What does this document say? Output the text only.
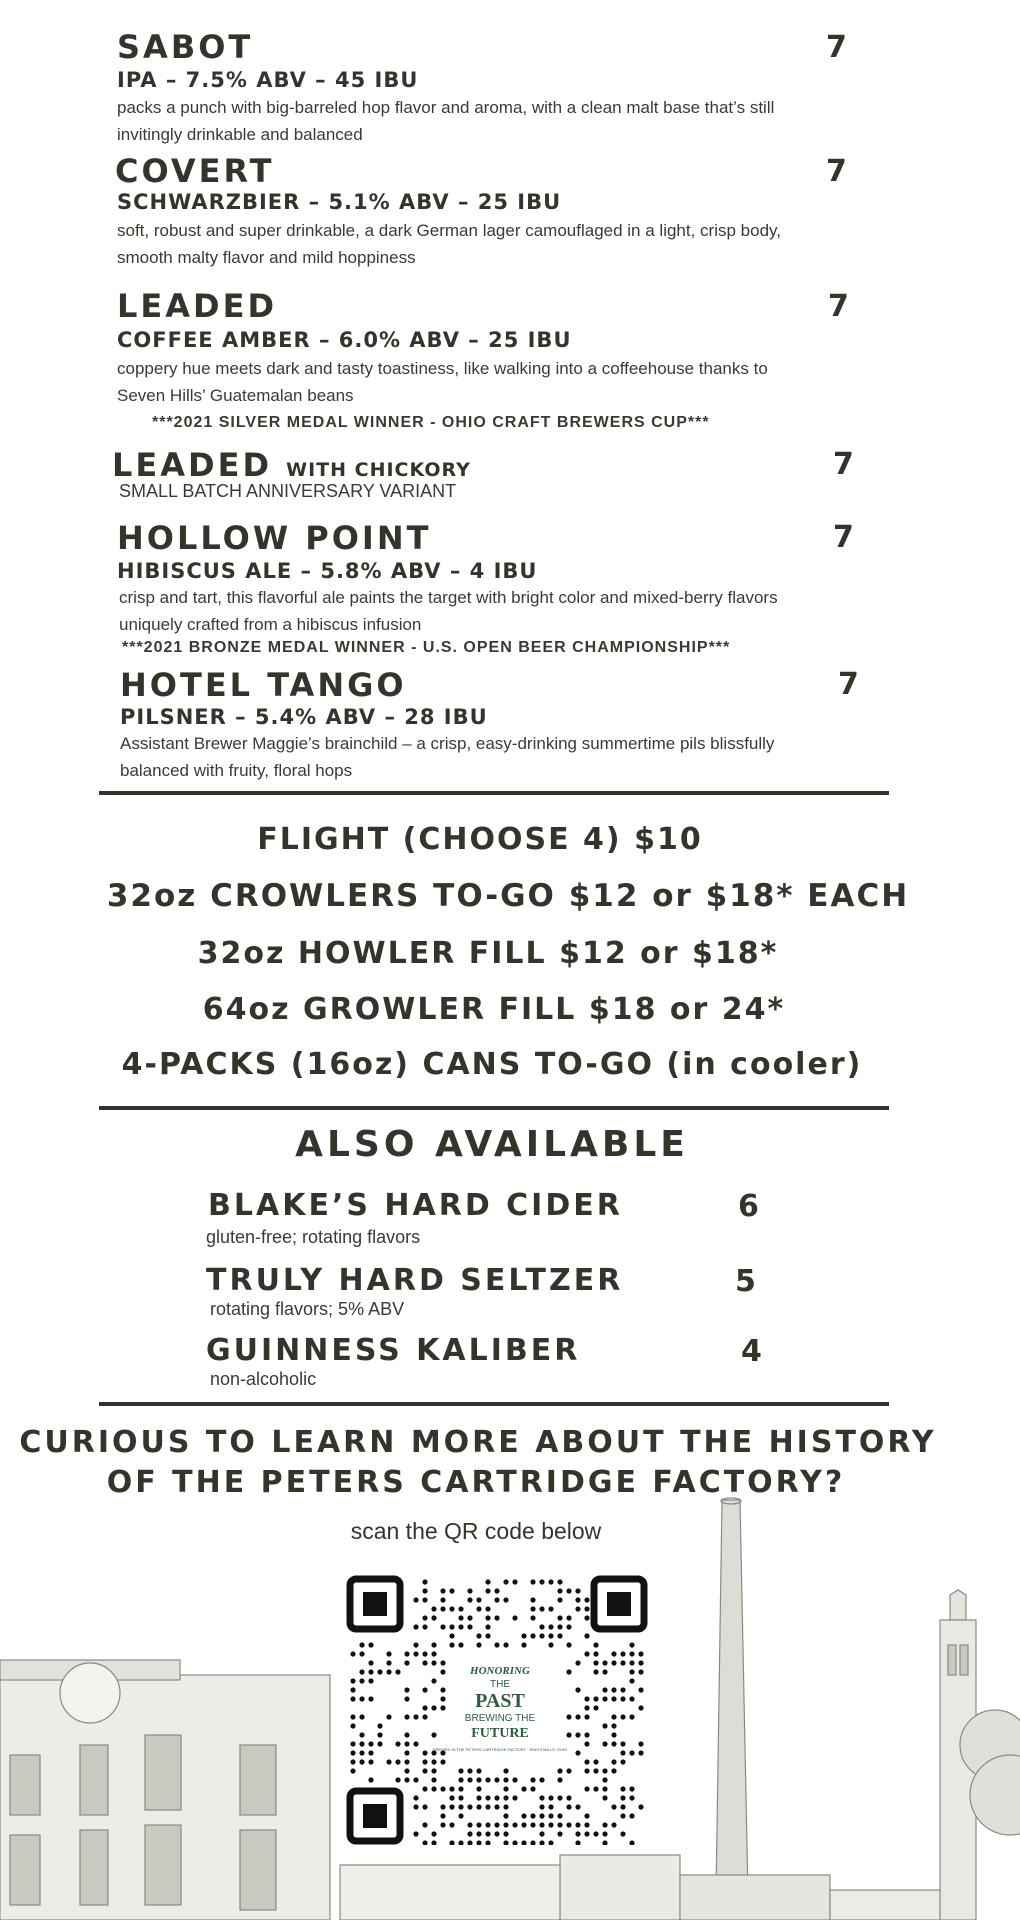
SABOT	7
IPA – 7.5% ABV – 45 IBU
packs a punch with big-barreled hop flavor and aroma, with a clean malt base that’s still invitingly drinkable and balanced
COVERT	7
SCHWARZBIER – 5.1% ABV – 25 IBU
soft, robust and super drinkable, a dark German lager camouflaged in a light, crisp body, smooth malty flavor and mild hoppiness
LEADED	7
COFFEE AMBER – 6.0% ABV – 25 IBU
coppery hue meets dark and tasty toastiness, like walking into a coffeehouse thanks to Seven Hills’ Guatemalan beans
***2021 SILVER MEDAL WINNER - OHIO CRAFT BREWERS CUP***
LEADED WITH CHICKORY	7
SMALL BATCH ANNIVERSARY VARIANT
HOLLOW POINT	7
HIBISCUS ALE – 5.8% ABV – 4 IBU
crisp and tart, this flavorful ale paints the target with bright color and mixed-berry flavors uniquely crafted from a hibiscus infusion
***2021 BRONZE MEDAL WINNER - U.S. OPEN BEER CHAMPIONSHIP***
HOTEL TANGO	7
PILSNER – 5.4% ABV – 28 IBU
Assistant Brewer Maggie’s brainchild – a crisp, easy-drinking summertime pils blissfully balanced with fruity, floral hops
FLIGHT (CHOOSE 4) $10
32oz CROWLERS TO-GO $12 or $18* EACH
32oz HOWLER FILL $12 or $18*
64oz GROWLER FILL $18 or 24*
4-PACKS (16oz) CANS TO-GO (in cooler)
ALSO AVAILABLE
BLAKE’S HARD CIDER	6
gluten-free; rotating flavors
TRULY HARD SELTZER	5
rotating flavors; 5% ABV
GUINNESS KALIBER	4
non-alcoholic
CURIOUS TO LEARN MORE ABOUT THE HISTORY
OF THE PETERS CARTRIDGE FACTORY?
scan the QR code below
HONORING
THE
PAST
BREWING THE
FUTURE
BREWED IN THE PETERS CARTRIDGE FACTORY · KINGS MILLS, OHIO
